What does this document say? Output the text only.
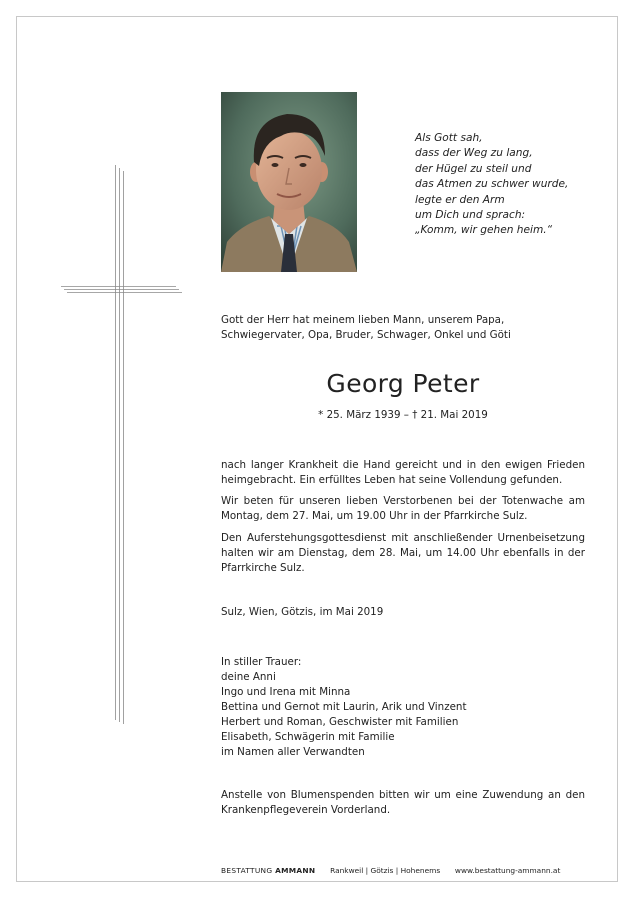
Als Gott sah,
dass der Weg zu lang,
der Hügel zu steil und
das Atmen zu schwer wurde,
legte er den Arm
um Dich und sprach:
„Komm, wir gehen heim.“
Gott der Herr hat meinem lieben Mann, unserem Papa, Schwiegervater, Opa, Bruder, Schwager, Onkel und Göti
Georg Peter
* 25. März 1939 – † 21. Mai 2019
nach langer Krankheit die Hand gereicht und in den ewigen Frieden heimgebracht. Ein erfülltes Leben hat seine Vollendung gefunden.
Wir beten für unseren lieben Verstorbenen bei der Totenwache am Montag, dem 27. Mai, um 19.00 Uhr in der Pfarrkirche Sulz.
Den Auferstehungsgottesdienst mit anschließender Urnenbeisetzung halten wir am Dienstag, dem 28. Mai, um 14.00 Uhr ebenfalls in der Pfarrkirche Sulz.
Sulz, Wien, Götzis, im Mai 2019
In stiller Trauer:
deine Anni
Ingo und Irena mit Minna
Bettina und Gernot mit Laurin, Arik und Vinzent
Herbert und Roman, Geschwister mit Familien
Elisabeth, Schwägerin mit Familie
im Namen aller Verwandten
Anstelle von Blumenspenden bitten wir um eine Zuwendung an den Krankenpflegeverein Vorderland.
BESTATTUNG AMMANN Rankweil | Götzis | Hohenems www.bestattung-ammann.at
